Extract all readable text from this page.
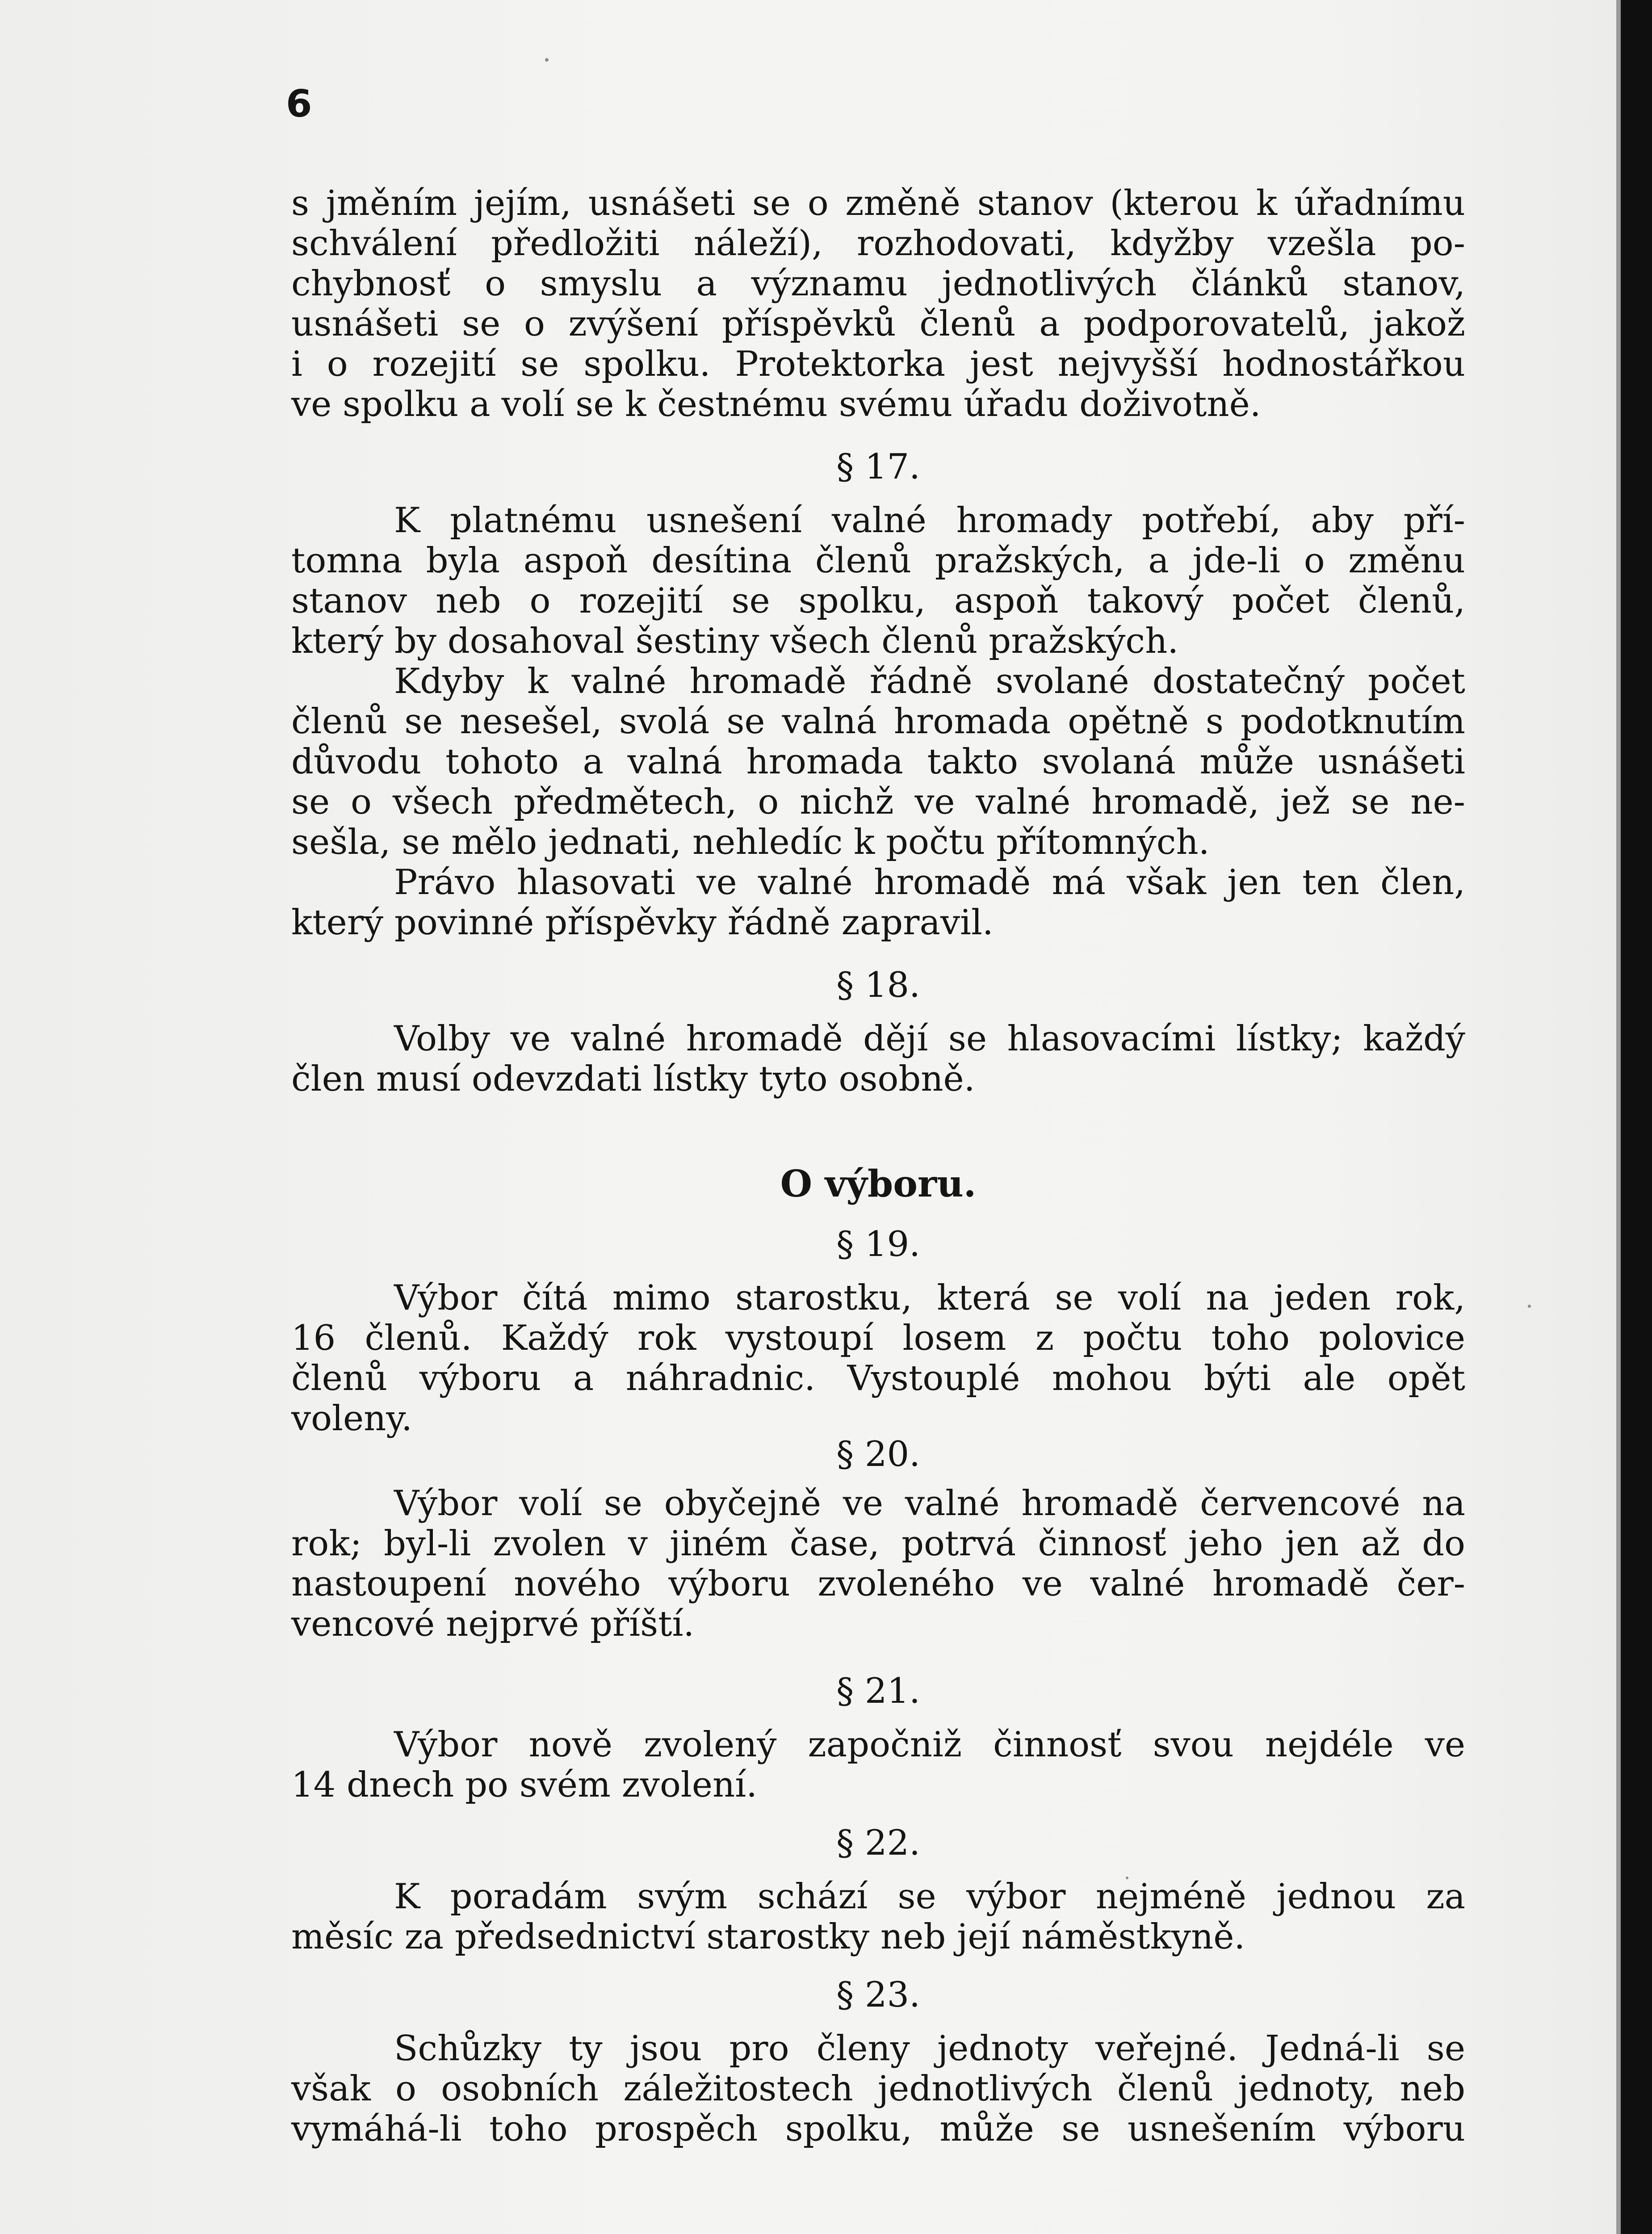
6
s jměním jejím, usnášeti se o změně stanov (kterou k úřadnímu
schválení předložiti náleží), rozhodovati, kdyžby vzešla po-
chybnosť o smyslu a významu jednotlivých článků stanov,
usnášeti se o zvýšení příspěvků členů a podporovatelů, jakož
i o rozejití se spolku. Protektorka jest nejvyšší hodnostářkou
ve spolku a volí se k čestnému svému úřadu doživotně.
§ 17.
K platnému usnešení valné hromady potřebí, aby pří-
tomna byla aspoň desítina členů pražských, a jde-li o změnu
stanov neb o rozejití se spolku, aspoň takový počet členů,
který by dosahoval šestiny všech členů pražských.
Kdyby k valné hromadě řádně svolané dostatečný počet
členů se nesešel, svolá se valná hromada opětně s podotknutím
důvodu tohoto a valná hromada takto svolaná může usnášeti
se o všech předmětech, o nichž ve valné hromadě, jež se ne-
sešla, se mělo jednati, nehledíc k počtu přítomných.
Právo hlasovati ve valné hromadě má však jen ten člen,
který povinné příspěvky řádně zapravil.
§ 18.
Volby ve valné hromadě dějí se hlasovacími lístky; každý
člen musí odevzdati lístky tyto osobně.
O výboru.
§ 19.
Výbor čítá mimo starostku, která se volí na jeden rok,
16 členů. Každý rok vystoupí losem z počtu toho polovice
členů výboru a náhradnic. Vystouplé mohou býti ale opět
voleny.
§ 20.
Výbor volí se obyčejně ve valné hromadě červencové na
rok; byl-li zvolen v jiném čase, potrvá činnosť jeho jen až do
nastoupení nového výboru zvoleného ve valné hromadě čer-
vencové nejprvé příští.
§ 21.
Výbor nově zvolený započniž činnosť svou nejdéle ve
14 dnech po svém zvolení.
§ 22.
K poradám svým schází se výbor nejméně jednou za
měsíc za předsednictví starostky neb její náměstkyně.
§ 23.
Schůzky ty jsou pro členy jednoty veřejné. Jedná-li se
však o osobních záležitostech jednotlivých členů jednoty, neb
vymáhá-li toho prospěch spolku, může se usnešením výboru
